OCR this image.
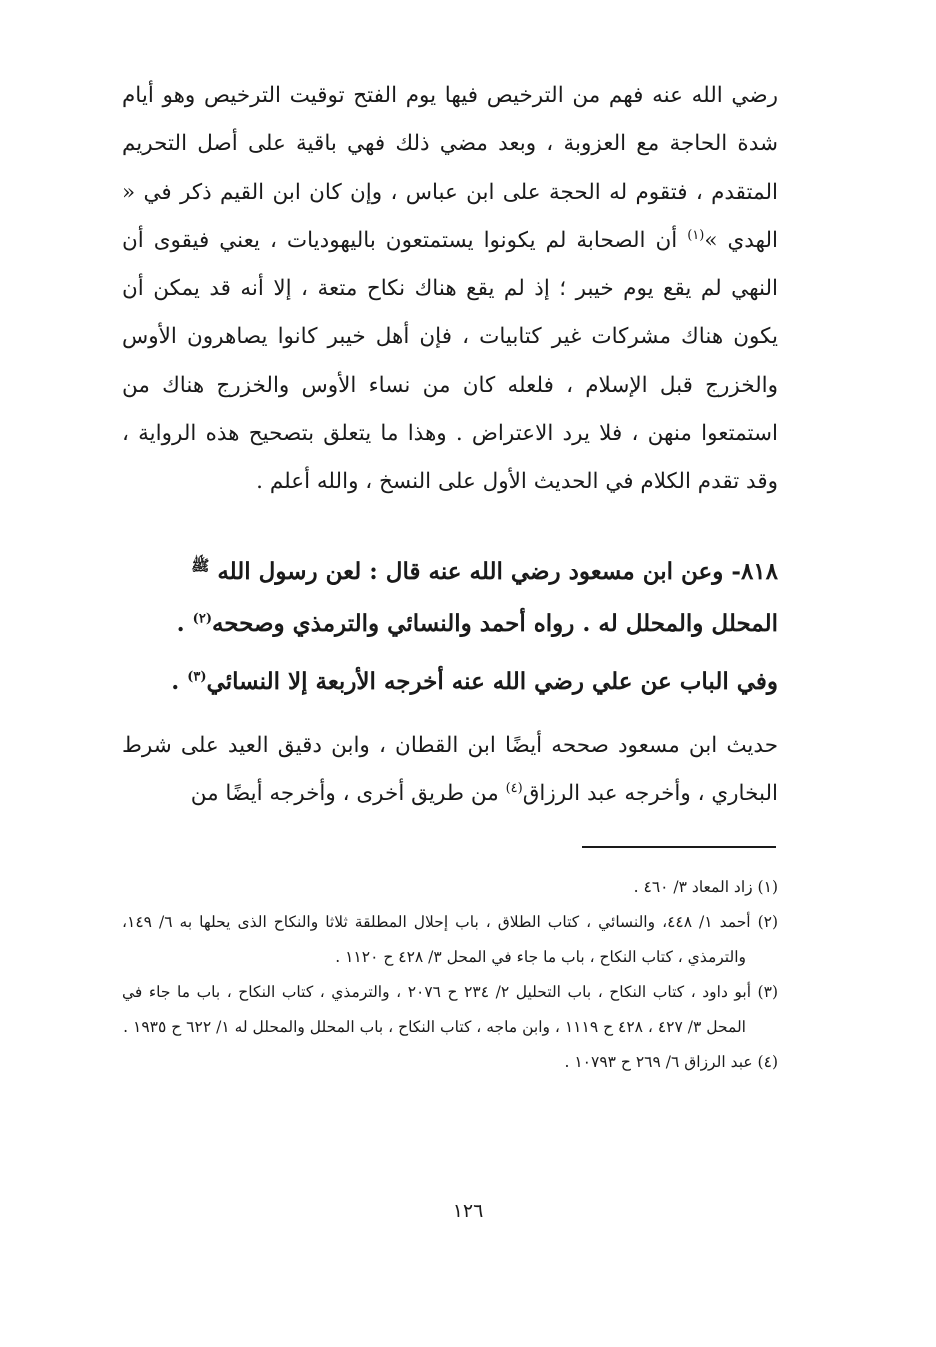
رضي الله عنه فهم من الترخيص فيها يوم الفتح توقيت الترخيص وهو أيام شدة الحاجة مع العزوبة ، وبعد مضي ذلك فهي باقية على أصل التحريم المتقدم ، فتقوم له الحجة على ابن عباس ، وإن كان ابن القيم ذكر في « الهدي »$^{(١)}$ أن الصحابة لم يكونوا يستمتعون باليهوديات ، يعني فيقوى أن النهي لم يقع يوم خيبر ؛ إذ لم يقع هناك نكاح متعة ، إلا أنه قد يمكن أن يكون هناك مشركات غير كتابيات ، فإن أهل خيبر كانوا يصاهرون الأوس والخزرج قبل الإسلام ، فلعله كان من نساء الأوس والخزرج هناك من استمتعوا منهن ، فلا يرد الاعتراض . وهذا ما يتعلق بتصحيح هذه الرواية ، وقد تقدم الكلام في الحديث الأول على النسخ ، والله أعلم .

٨١٨- وعن ابن مسعود رضي الله عنه قال : لعن رسول الله $^ﷺ$ المحلل والمحلل له . رواه أحمد والنسائي والترمذي وصححه$^{(٢)}$ .

وفي الباب عن علي رضي الله عنه أخرجه الأربعة إلا النسائي$^{(٣)}$ .

حديث ابن مسعود صححه أيضًا ابن القطان ، وابن دقيق العيد على شرط البخاري ، وأخرجه عبد الرزاق$^{(٤)}$ من طريق أخرى ، وأخرجه أيضًا من

(١) زاد المعاد ٣/ ٤٦٠ .

(٢) أحمد ١/ ٤٤٨، والنسائي ، كتاب الطلاق ، باب إحلال المطلقة ثلاثا والنكاح الذى يحلها به ٦/ ١٤٩، والترمذي ، كتاب النكاح ، باب ما جاء في المحل ٣/ ٤٢٨ ح ١١٢٠ .

(٣) أبو داود ، كتاب النكاح ، باب التحليل ٢/ ٢٣٤ ح ٢٠٧٦ ، والترمذي ، كتاب النكاح ، باب ما جاء في المحل ٣/ ٤٢٧ ، ٤٢٨ ح ١١١٩ ، وابن ماجه ، كتاب النكاح ، باب المحلل والمحلل له ١/ ٦٢٢ ح ١٩٣٥ .

(٤) عبد الرزاق ٦/ ٢٦٩ ح ١٠٧٩٣ .

١٢٦
